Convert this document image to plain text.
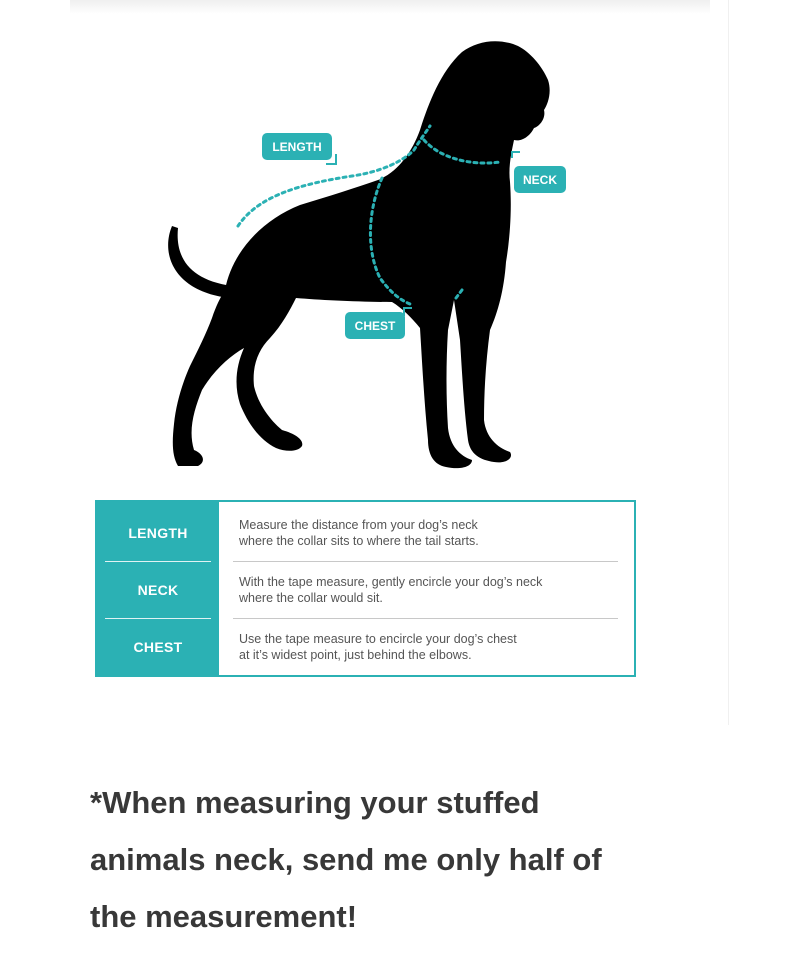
LENGTH
NECK
CHEST
LENGTH	Measure the distance from your dog’s neck
where the collar sits to where the tail starts.
NECK	With the tape measure, gently encircle your dog’s neck
where the collar would sit.
CHEST	Use the tape measure to encircle your dog’s chest
at it’s widest point, just behind the elbows.
*When measuring your stuffed
animals neck, send me only half of
the measurement!
